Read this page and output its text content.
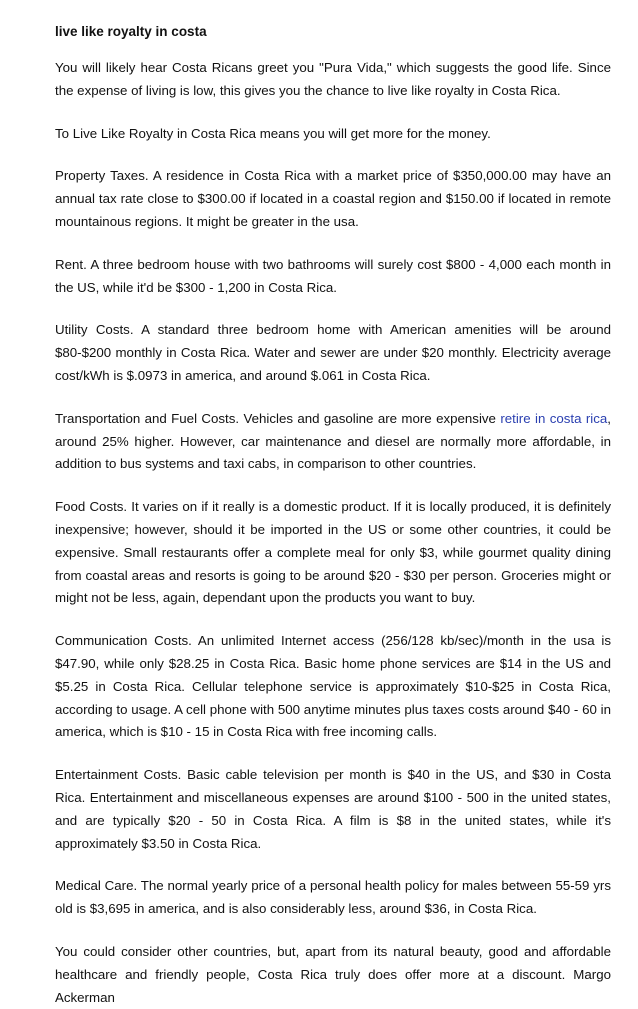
live like royalty in costa

You will likely hear Costa Ricans greet you "Pura Vida," which suggests the good life. Since the expense of living is low, this gives you the chance to live like royalty in Costa Rica.

To Live Like Royalty in Costa Rica means you will get more for the money.

Property Taxes. A residence in Costa Rica with a market price of $350,000.00 may have an annual tax rate close to $300.00 if located in a coastal region and $150.00 if located in remote mountainous regions. It might be greater in the usa.

Rent. A three bedroom house with two bathrooms will surely cost $800 - 4,000 each month in the US, while it'd be $300 - 1,200 in Costa Rica.

Utility Costs. A standard three bedroom home with American amenities will be around $80-$200 monthly in Costa Rica. Water and sewer are under $20 monthly. Electricity average cost/kWh is $.0973 in america, and around $.061 in Costa Rica.

Transportation and Fuel Costs. Vehicles and gasoline are more expensive retire in costa rica, around 25% higher. However, car maintenance and diesel are normally more affordable, in addition to bus systems and taxi cabs, in comparison to other countries.

Food Costs. It varies on if it really is a domestic product. If it is locally produced, it is definitely inexpensive; however, should it be imported in the US or some other countries, it could be expensive. Small restaurants offer a complete meal for only $3, while gourmet quality dining from coastal areas and resorts is going to be around $20 - $30 per person. Groceries might or might not be less, again, dependant upon the products you want to buy.

Communication Costs. An unlimited Internet access (256/128 kb/sec)/month in the usa is $47.90, while only $28.25 in Costa Rica. Basic home phone services are $14 in the US and $5.25 in Costa Rica. Cellular telephone service is approximately $10-$25 in Costa Rica, according to usage. A cell phone with 500 anytime minutes plus taxes costs around $40 - 60 in america, which is $10 - 15 in Costa Rica with free incoming calls.

Entertainment Costs. Basic cable television per month is $40 in the US, and $30 in Costa Rica. Entertainment and miscellaneous expenses are around $100 - 500 in the united states, and are typically $20 - 50 in Costa Rica. A film is $8 in the united states, while it's approximately $3.50 in Costa Rica.

Medical Care. The normal yearly price of a personal health policy for males between 55-59 yrs old is $3,695 in america, and is also considerably less, around $36, in Costa Rica.

You could consider other countries, but, apart from its natural beauty, good and affordable healthcare and friendly people, Costa Rica truly does offer more at a discount. Margo Ackerman
